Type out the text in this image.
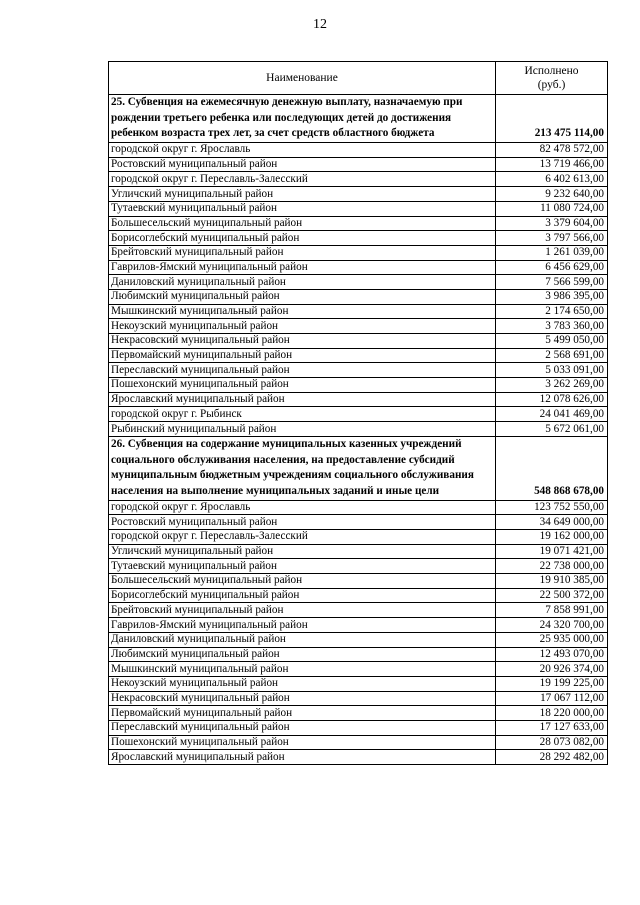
12
Наименование	Исполнено
(руб.)
25. Субвенция на ежемесячную денежную выплату, назначаемую при рождении третьего ребенка или последующих детей до достижения ребенком возраста трех лет, за счет средств областного бюджета	213 475 114,00
городской округ г. Ярославль	82 478 572,00
Ростовский муниципальный район	13 719 466,00
городской округ г. Переславль-Залесский	6 402 613,00
Угличский муниципальный район	9 232 640,00
Тутаевский муниципальный район	11 080 724,00
Большесельский муниципальный район	3 379 604,00
Борисоглебский муниципальный район	3 797 566,00
Брейтовский муниципальный район	1 261 039,00
Гаврилов-Ямский муниципальный район	6 456 629,00
Даниловский муниципальный район	7 566 599,00
Любимский муниципальный район	3 986 395,00
Мышкинский муниципальный район	2 174 650,00
Некоузский муниципальный район	3 783 360,00
Некрасовский муниципальный район	5 499 050,00
Первомайский муниципальный район	2 568 691,00
Переславский муниципальный район	5 033 091,00
Пошехонский муниципальный район	3 262 269,00
Ярославский муниципальный район	12 078 626,00
городской округ г. Рыбинск	24 041 469,00
Рыбинский муниципальный район	5 672 061,00
26. Субвенция на содержание муниципальных казенных учреждений социального обслуживания населения, на предоставление субсидий муниципальным бюджетным учреждениям социального обслуживания населения на выполнение муниципальных заданий и иные цели	548 868 678,00
городской округ г. Ярославль	123 752 550,00
Ростовский муниципальный район	34 649 000,00
городской округ г. Переславль-Залесский	19 162 000,00
Угличский муниципальный район	19 071 421,00
Тутаевский муниципальный район	22 738 000,00
Большесельский муниципальный район	19 910 385,00
Борисоглебский муниципальный район	22 500 372,00
Брейтовский муниципальный район	7 858 991,00
Гаврилов-Ямский муниципальный район	24 320 700,00
Даниловский муниципальный район	25 935 000,00
Любимский муниципальный район	12 493 070,00
Мышкинский муниципальный район	20 926 374,00
Некоузский муниципальный район	19 199 225,00
Некрасовский муниципальный район	17 067 112,00
Первомайский муниципальный район	18 220 000,00
Переславский муниципальный район	17 127 633,00
Пошехонский муниципальный район	28 073 082,00
Ярославский муниципальный район	28 292 482,00
